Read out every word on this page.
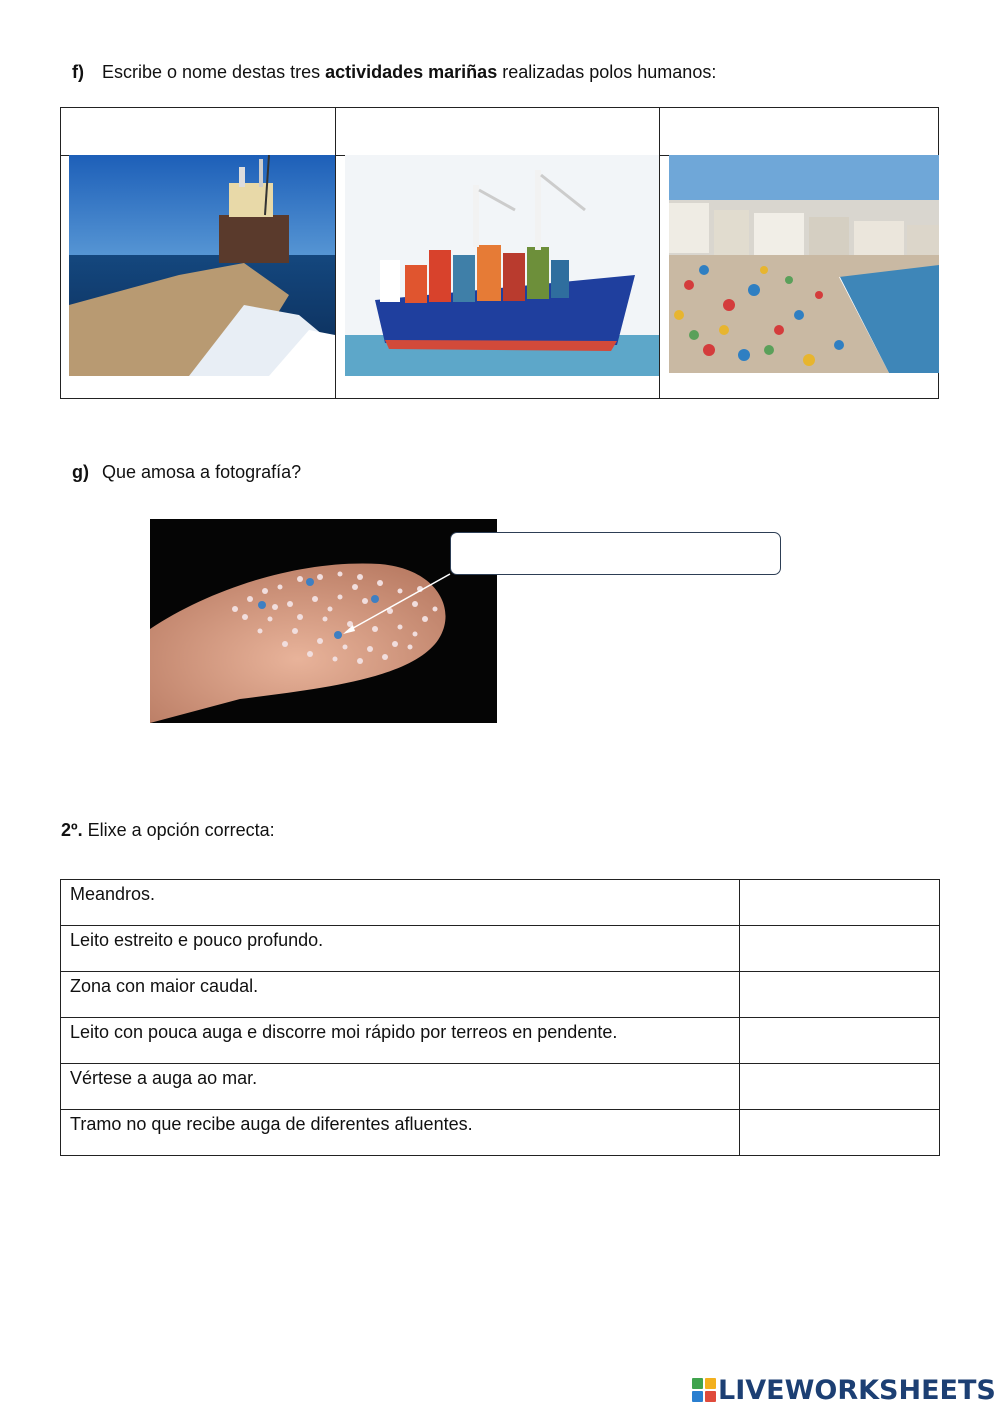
f) Escribe o nome destas tres actividades mariñas realizadas polos humanos:
g) Que amosa a fotografía?
2º. Elixe a opción correcta:
Meandros.

Leito estreito e pouco profundo.

Zona con maior caudal.

Leito con pouca auga e discorre moi rápido por terreos en pendente.

Vértese a auga ao mar.

Tramo no que recibe auga de diferentes afluentes.

LIVEWORKSHEETS
